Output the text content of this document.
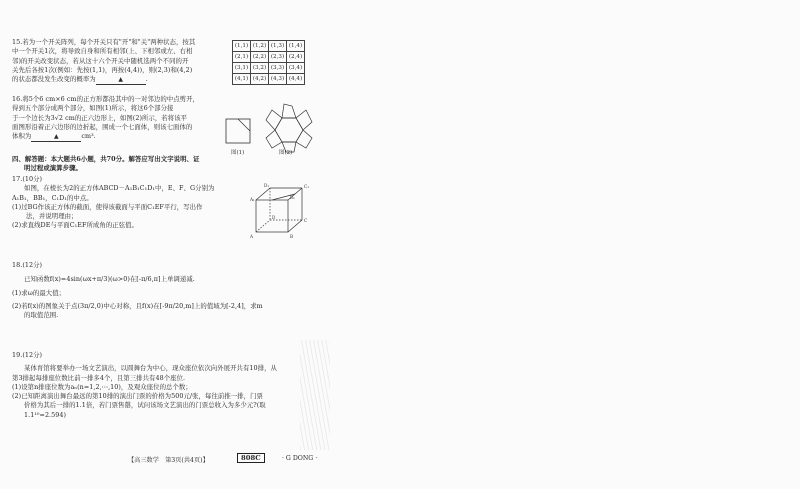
15.若为一个开关阵列，每个开关只有"开"和"关"两种状态，按其
中一个开关1次，将导致自身和所有相邻(上、下相邻或左、右相
邻)的开关改变状态，若从这十六个开关中随机选两个不同的开
关先后各按1次(例如：先按(1,1)，再按(4,4))，则(2,3)和(4,2)
的状态都没发生改变的概率为	▲	.
(1,1)	(1,2)	(1,3)	(1,4)
(2,1)	(2,2)	(2,3)	(2,4)
(3,1)	(3,2)	(3,3)	(3,4)
(4,1)	(4,2)	(4,3)	(4,4)
16.将5个6 cm×6 cm的正方形都沿其中的一对邻边的中点剪开，
得到五个部分成两个部分，如图(1)所示，将这6个部分接
于一个边长为3√2 cm的正六边形上，如图(2)所示，若将该平
面图形沿着正六边形的边折起，围成一个七面体，则该七面体的
体积为	▲	cm³.
图(1)	图(2)
四、解答题：本大题共6小题，共70分。解答应写出文字说明、证
明过程或演算步骤。
17.(10分)
如图，在棱长为2的正方体ABCD－A₁B₁C₁D₁中，E、F、G分别为
A₁B₁，BB₁，C₁D₁的中点。
(1)过BG作该正方体的截面，使得该截面与平面C₁EF平行，写出作
法，并说明理由；
(2)求直线DE与平面C₁EF所成角的正弦值。
D₁	C₁
A₁	B₁
A	B
C
D
18.(12分)
已知函数f(x)=4sin(ωx+π/3)(ω>0)在[-π/6,π]上单调递减.
(1)求ω的最大值；
(2)若f(x)的图象关于点(3π/2,0)中心对称，且f(x)在[-9π/20,m]上的值域为[-2,4]，求m
的取值范围.
19.(12分)
某体育馆将要举办一场文艺演出，以圆舞台为中心，现众座位依次向外展开共有10排，从
第3排起每排座位数比前一排多4个，且第三排共有48个座位.
(1)设第n排座位数为aₙ(n=1,2,⋯,10)，及观众座位的总个数；
(2)已知距离演出舞台最远的第10排的演出门票的价格为500元/张，每往前推一排，门票
价格为其后一排的1.1倍，若门票售罄，试问该场文艺演出的门票总收入为多少元?(取
1.1¹⁰=2.594)
【高三数学　第3页(共4页)】	808C	· G DONG ·
